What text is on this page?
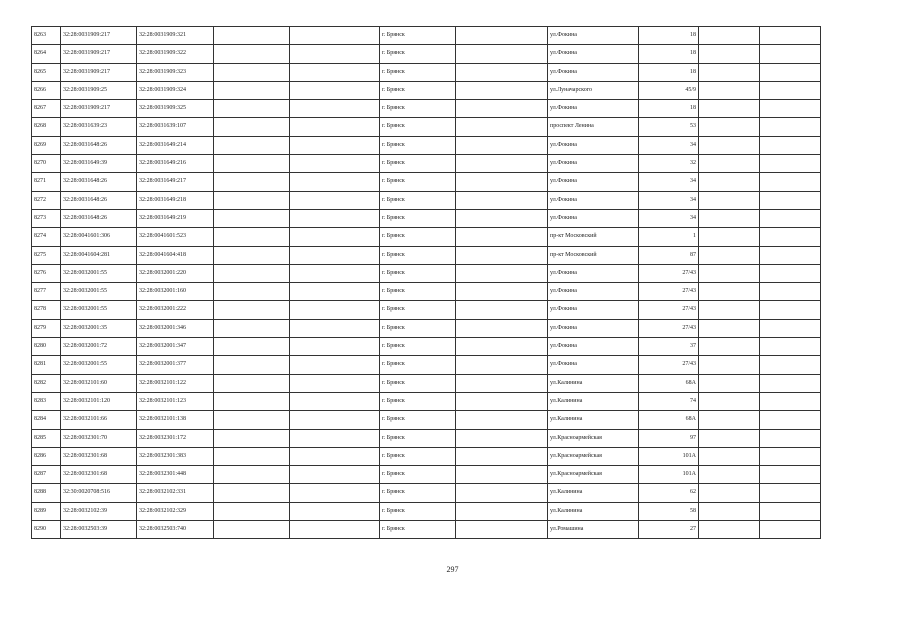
8263	32:28:0031909:217	32:28:0031909:321			г. Брянск		ул.Фокина	18		
8264	32:28:0031909:217	32:28:0031909:322			г. Брянск		ул.Фокина	18		
8265	32:28:0031909:217	32:28:0031909:323			г. Брянск		ул.Фокина	18		
8266	32:28:0031909:25	32:28:0031909:324			г. Брянск		ул.Луначарского	45/9		
8267	32:28:0031909:217	32:28:0031909:325			г. Брянск		ул.Фокина	18		
8268	32:28:0031639:23	32:28:0031639:107			г. Брянск		проспект Ленина	53		
8269	32:28:0031648:26	32:28:0031649:214			г. Брянск		ул.Фокина	34		
8270	32:28:0031649:39	32:28:0031649:216			г. Брянск		ул.Фокина	32		
8271	32:28:0031648:26	32:28:0031649:217			г. Брянск		ул.Фокина	34		
8272	32:28:0031648:26	32:28:0031649:218			г. Брянск		ул.Фокина	34		
8273	32:28:0031648:26	32:28:0031649:219			г. Брянск		ул.Фокина	34		
8274	32:28:0041601:306	32:28:0041601:523			г. Брянск		пр-кт Московский	1		
8275	32:28:0041604:281	32:28:0041604:418			г. Брянск		пр-кт Московский	87		
8276	32:28:0032001:55	32:28:0032001:220			г. Брянск		ул.Фокина	27/43		
8277	32:28:0032001:55	32:28:0032001:160			г. Брянск		ул.Фокина	27/43		
8278	32:28:0032001:55	32:28:0032001:222			г. Брянск		ул.Фокина	27/43		
8279	32:28:0032001:35	32:28:0032001:346			г. Брянск		ул.Фокина	27/43		
8280	32:28:0032001:72	32:28:0032001:347			г. Брянск		ул.Фокина	37		
8281	32:28:0032001:55	32:28:0032001:377			г. Брянск		ул.Фокина	27/43		
8282	32:28:0032101:60	32:28:0032101:122			г. Брянск		ул.Калинина	68А		
8283	32:28:0032101:120	32:28:0032101:123			г. Брянск		ул.Калинина	74		
8284	32:28:0032101:66	32:28:0032101:138			г. Брянск		ул.Калинина	68А		
8285	32:28:0032301:70	32:28:0032301:172			г. Брянск		ул.Красноармейская	97		
8286	32:28:0032301:68	32:28:0032301:383			г. Брянск		ул.Красноармейская	101А		
8287	32:28:0032301:68	32:28:0032301:448			г. Брянск		ул.Красноармейская	101А		
8288	32:30:0020708:516	32:28:0032102:331			г. Брянск		ул.Калинина	62		
8289	32:28:0032102:39	32:28:0032102:329			г. Брянск		ул.Калинина	58		
8290	32:28:0032503:39	32:28:0032503:740			г. Брянск		ул.Ромашина	27		
297
